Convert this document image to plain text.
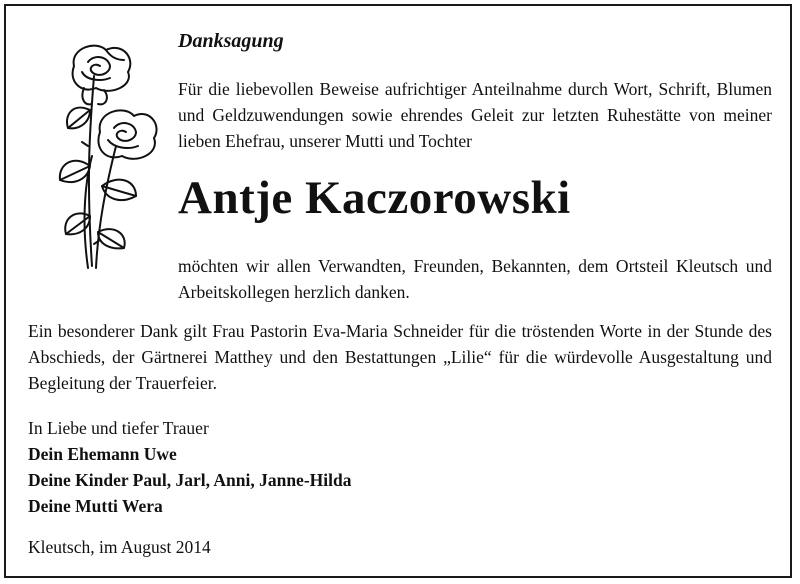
Danksagung
Für die liebevollen Beweise aufrichtiger Anteilnahme durch Wort, Schrift, Blumen und Geldzuwendungen sowie ehrendes Geleit zur letzten Ruhestätte von meiner lieben Ehefrau, unserer Mutti und Tochter
Antje Kaczorowski
möchten wir allen Verwandten, Freunden, Bekannten, dem Ortsteil Kleutsch und Arbeitskollegen herzlich danken.
Ein besonderer Dank gilt Frau Pastorin Eva-Maria Schneider für die tröstenden Worte in der Stunde des Abschieds, der Gärtnerei Matthey und den Bestattungen „Lilie“ für die würdevolle Ausgestaltung und Begleitung der Trauerfeier.
In Liebe und tiefer Trauer
Dein Ehemann Uwe
Deine Kinder Paul, Jarl, Anni, Janne-Hilda
Deine Mutti Wera
Kleutsch, im August 2014
